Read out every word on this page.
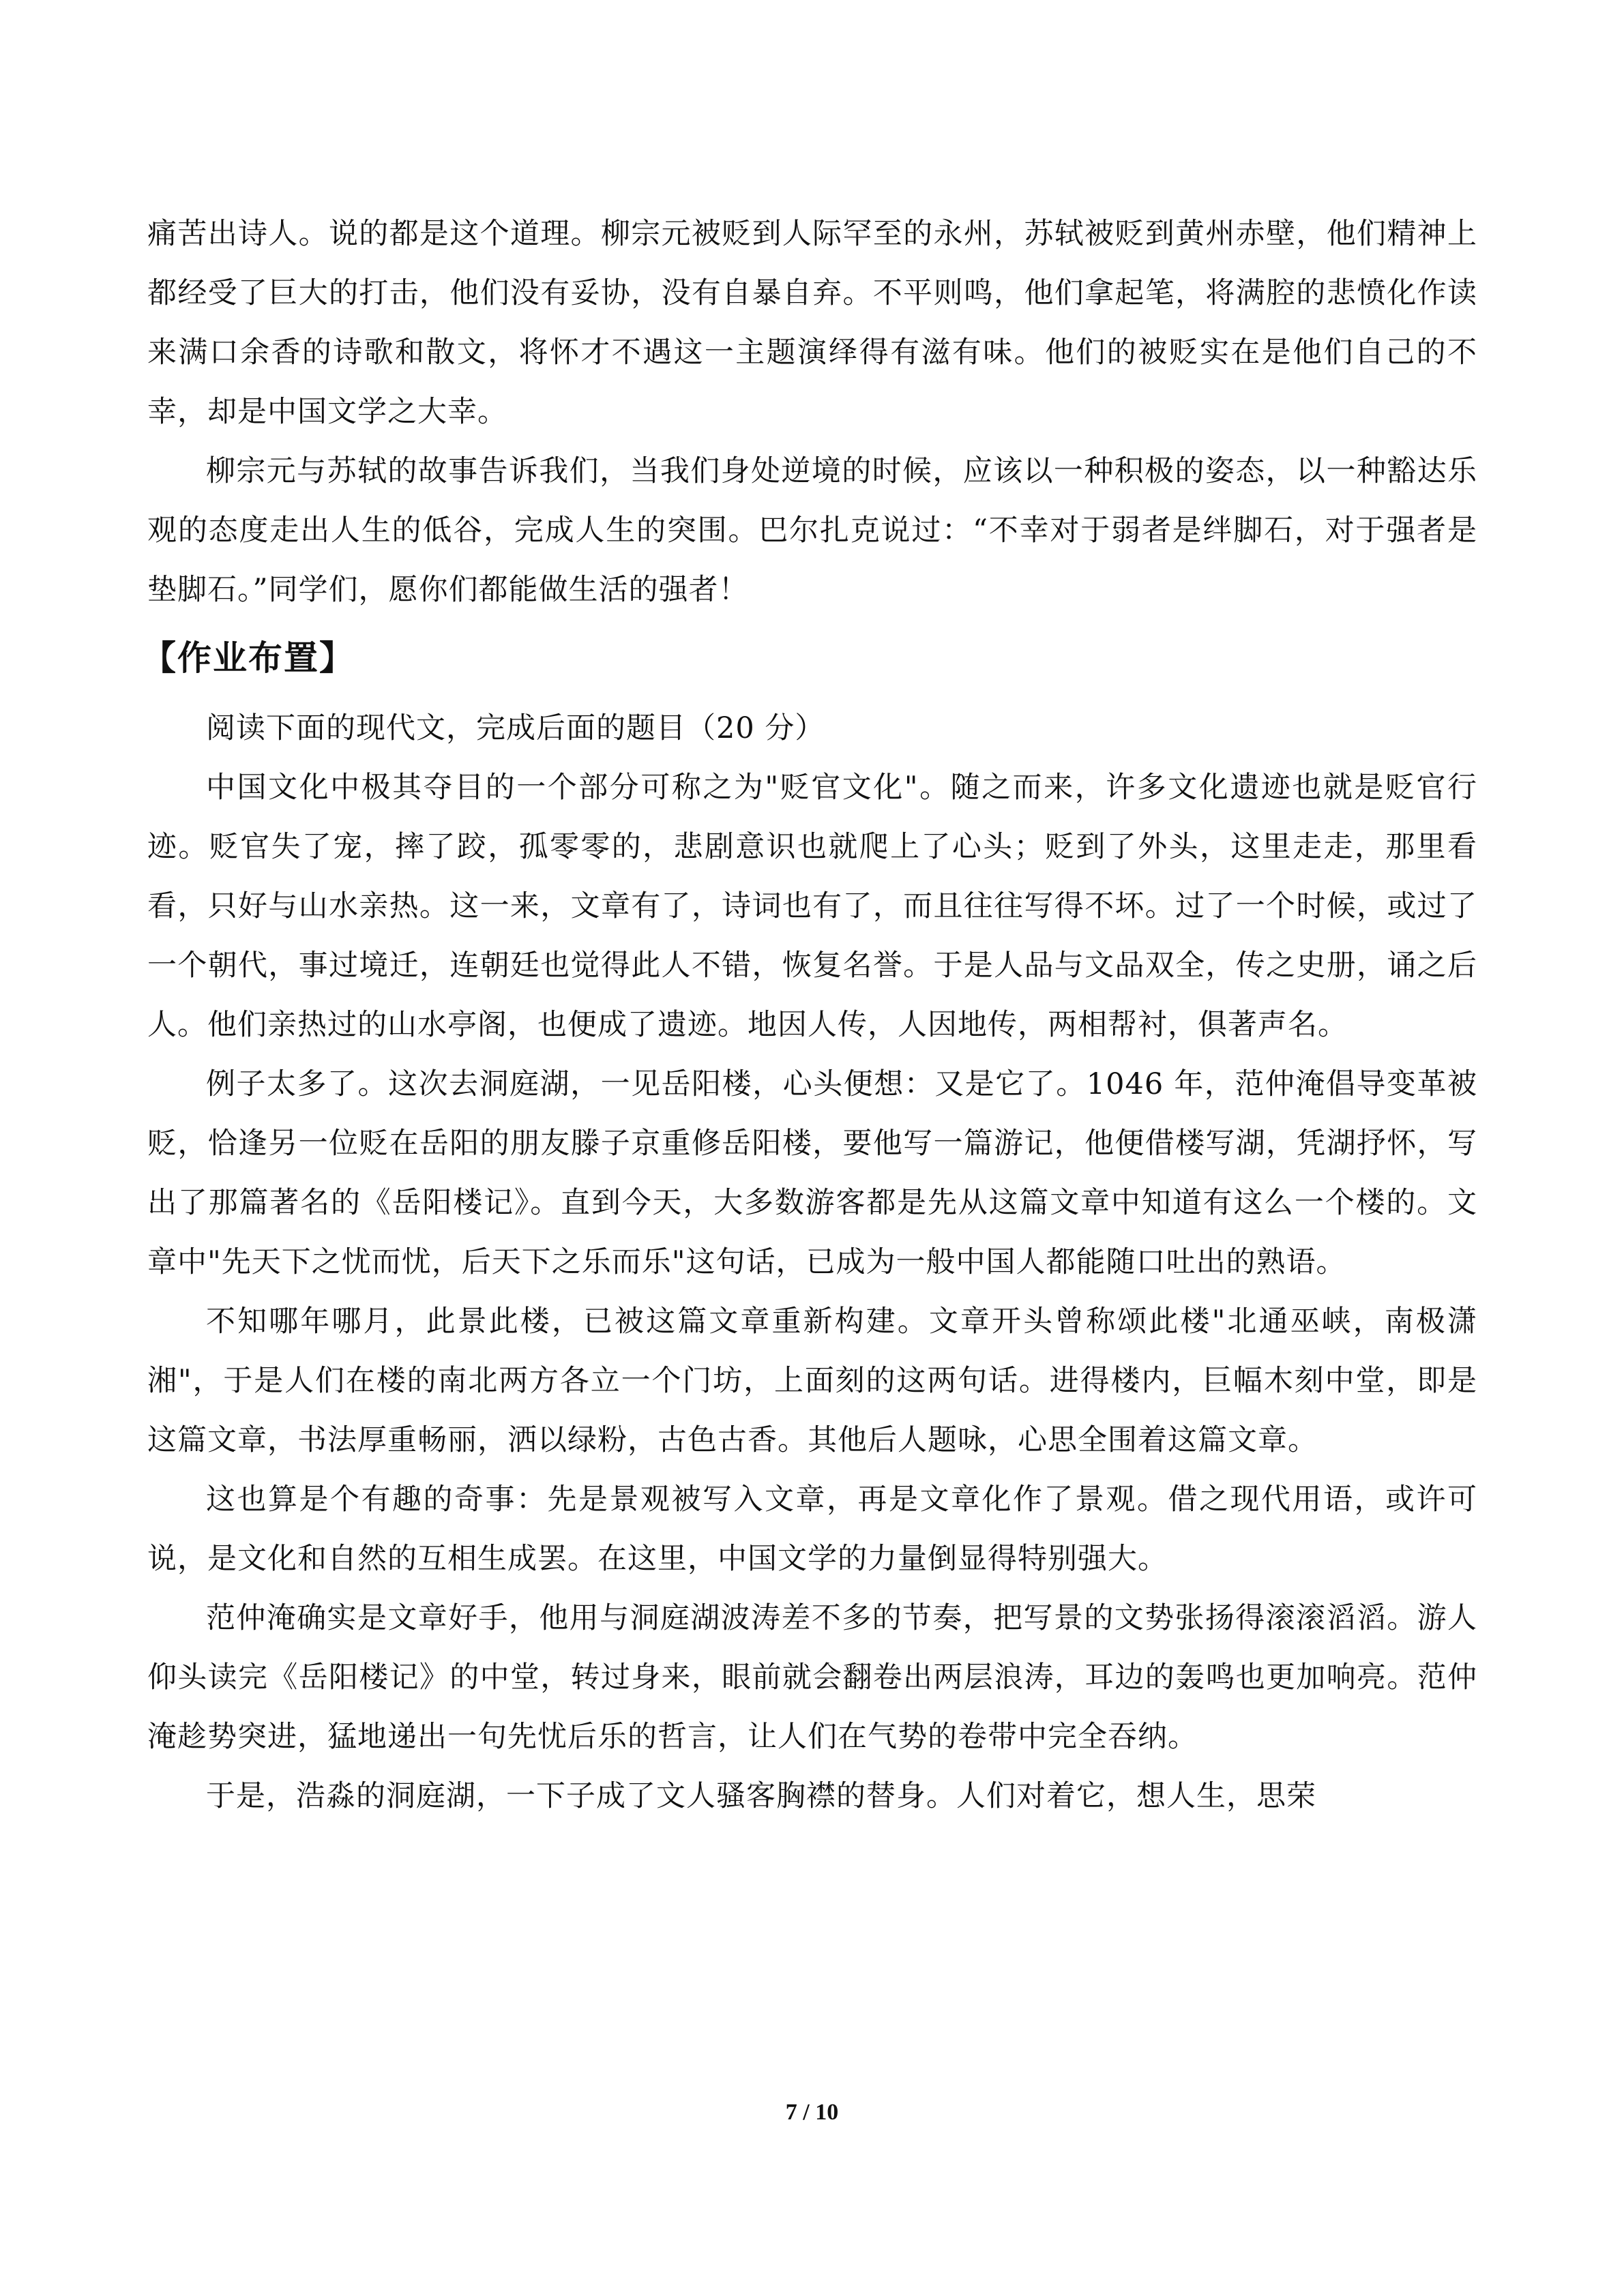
痛苦出诗人。说的都是这个道理。柳宗元被贬到人际罕至的永州，苏轼被贬到黄州赤壁，他们精神上都经受了巨大的打击，他们没有妥协，没有自暴自弃。不平则鸣，他们拿起笔，将满腔的悲愤化作读来满口余香的诗歌和散文，将怀才不遇这一主题演绎得有滋有味。他们的被贬实在是他们自己的不幸，却是中国文学之大幸。

柳宗元与苏轼的故事告诉我们，当我们身处逆境的时候，应该以一种积极的姿态，以一种豁达乐观的态度走出人生的低谷，完成人生的突围。巴尔扎克说过：“不幸对于弱者是绊脚石，对于强者是垫脚石。”同学们，愿你们都能做生活的强者！

【作业布置】

阅读下面的现代文，完成后面的题目（20 分）

中国文化中极其夺目的一个部分可称之为"贬官文化"。随之而来，许多文化遗迹也就是贬官行迹。贬官失了宠，摔了跤，孤零零的，悲剧意识也就爬上了心头；贬到了外头，这里走走，那里看看，只好与山水亲热。这一来，文章有了，诗词也有了，而且往往写得不坏。过了一个时候，或过了一个朝代，事过境迁，连朝廷也觉得此人不错，恢复名誉。于是人品与文品双全，传之史册，诵之后人。他们亲热过的山水亭阁，也便成了遗迹。地因人传，人因地传，两相帮衬，俱著声名。

例子太多了。这次去洞庭湖，一见岳阳楼，心头便想：又是它了。1046 年，范仲淹倡导变革被贬，恰逢另一位贬在岳阳的朋友滕子京重修岳阳楼，要他写一篇游记，他便借楼写湖，凭湖抒怀，写出了那篇著名的《岳阳楼记》。直到今天，大多数游客都是先从这篇文章中知道有这么一个楼的。文章中"先天下之忧而忧，后天下之乐而乐"这句话，已成为一般中国人都能随口吐出的熟语。

不知哪年哪月，此景此楼，已被这篇文章重新构建。文章开头曾称颂此楼"北通巫峡，南极潇湘"，于是人们在楼的南北两方各立一个门坊，上面刻的这两句话。进得楼内，巨幅木刻中堂，即是这篇文章，书法厚重畅丽，洒以绿粉，古色古香。其他后人题咏，心思全围着这篇文章。

这也算是个有趣的奇事：先是景观被写入文章，再是文章化作了景观。借之现代用语，或许可说，是文化和自然的互相生成罢。在这里，中国文学的力量倒显得特别强大。

范仲淹确实是文章好手，他用与洞庭湖波涛差不多的节奏，把写景的文势张扬得滚滚滔滔。游人仰头读完《岳阳楼记》的中堂，转过身来，眼前就会翻卷出两层浪涛，耳边的轰鸣也更加响亮。范仲淹趁势突进，猛地递出一句先忧后乐的哲言，让人们在气势的卷带中完全吞纳。

于是，浩淼的洞庭湖，一下子成了文人骚客胸襟的替身。人们对着它，想人生，思荣

7 / 10
